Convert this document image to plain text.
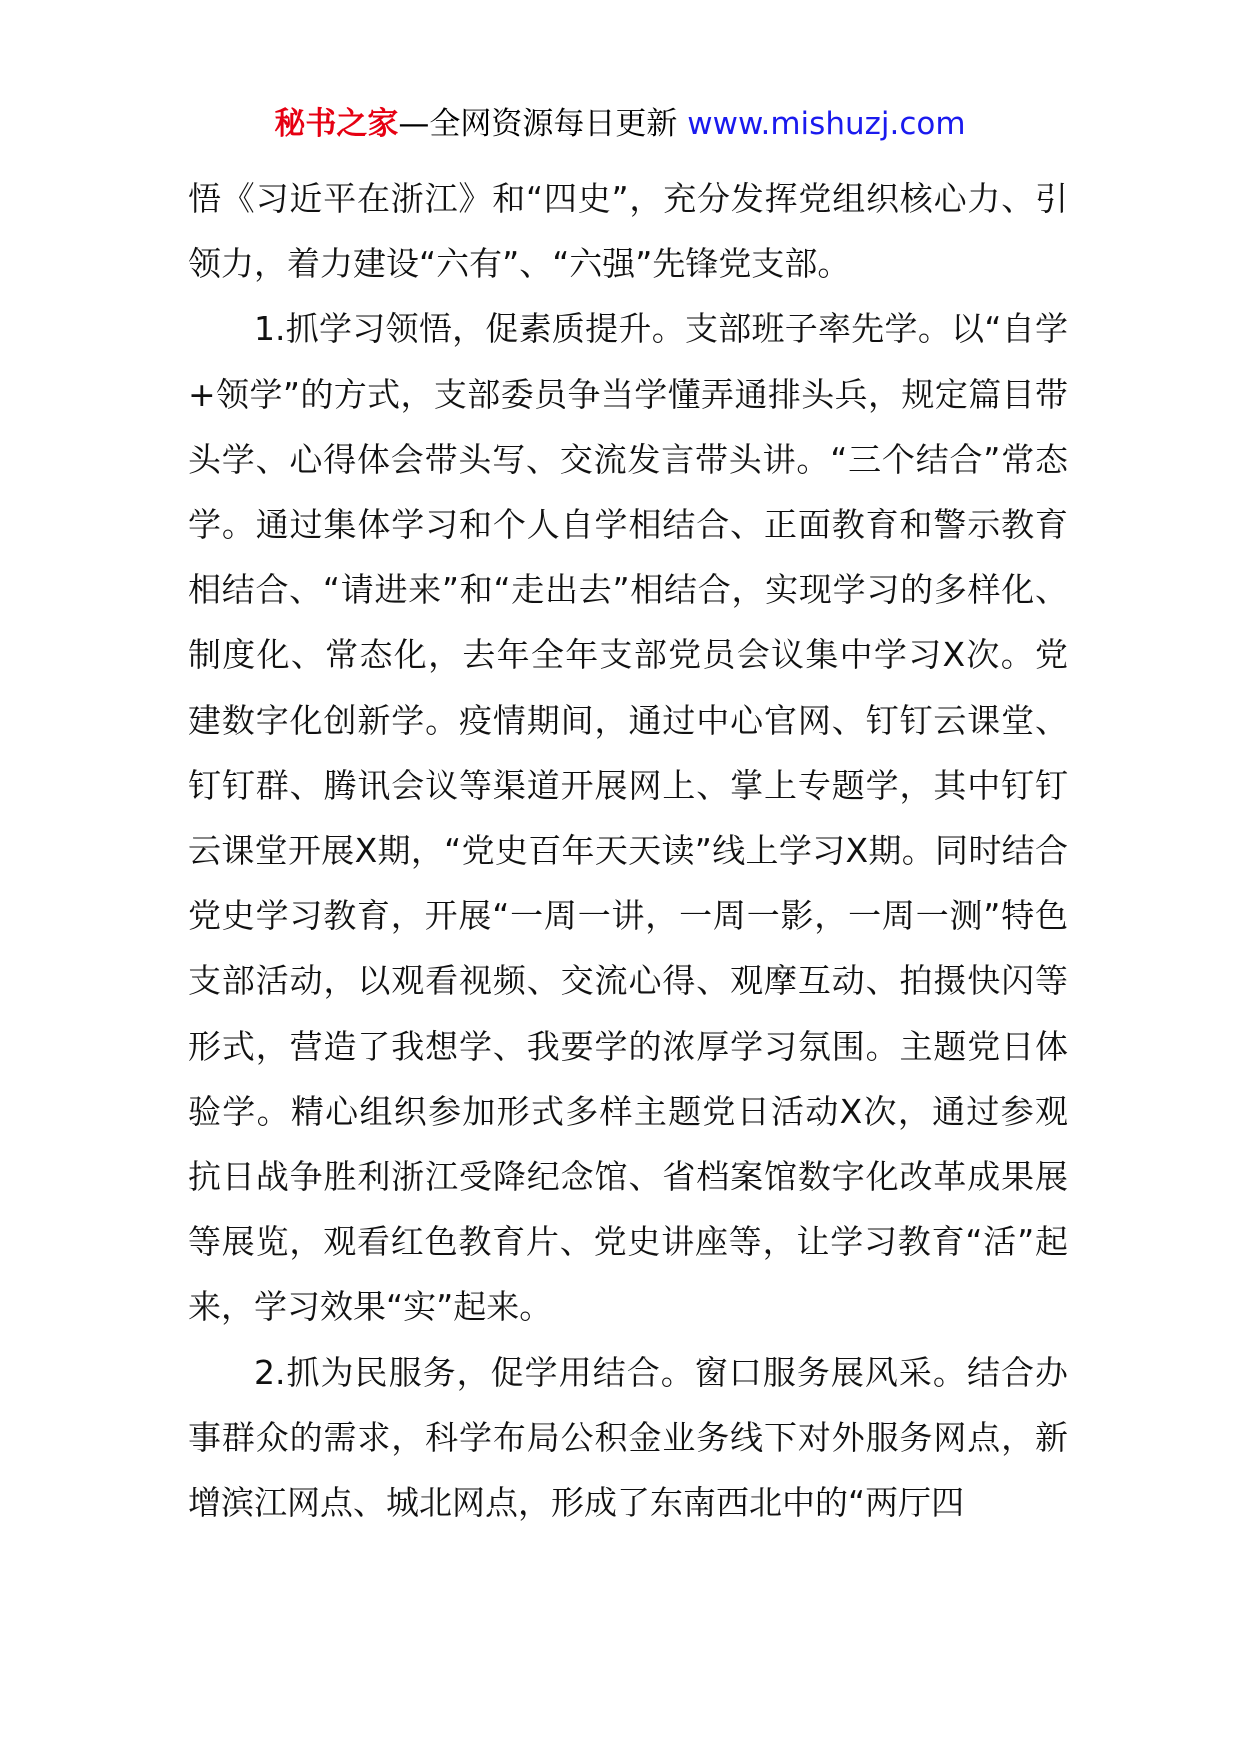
秘书之家—全网资源每日更新 www.mishuzj.com

悟《习近平在浙江》和“四史”，充分发挥党组织核心力、引领力，着力建设“六有”、“六强”先锋党支部。

1.抓学习领悟，促素质提升。支部班子率先学。以“自学+领学”的方式，支部委员争当学懂弄通排头兵，规定篇目带头学、心得体会带头写、交流发言带头讲。“三个结合”常态学。通过集体学习和个人自学相结合、正面教育和警示教育相结合、“请进来”和“走出去”相结合，实现学习的多样化、制度化、常态化，去年全年支部党员会议集中学习X次。党建数字化创新学。疫情期间，通过中心官网、钉钉云课堂、钉钉群、腾讯会议等渠道开展网上、掌上专题学，其中钉钉云课堂开展X期，“党史百年天天读”线上学习X期。同时结合党史学习教育，开展“一周一讲，一周一影，一周一测”特色支部活动，以观看视频、交流心得、观摩互动、拍摄快闪等形式，营造了我想学、我要学的浓厚学习氛围。主题党日体验学。精心组织参加形式多样主题党日活动X次，通过参观抗日战争胜利浙江受降纪念馆、省档案馆数字化改革成果展等展览，观看红色教育片、党史讲座等，让学习教育“活”起来，学习效果“实”起来。

2.抓为民服务，促学用结合。窗口服务展风采。结合办事群众的需求，科学布局公积金业务线下对外服务网点，新增滨江网点、城北网点，形成了东南西北中的“两厅四
